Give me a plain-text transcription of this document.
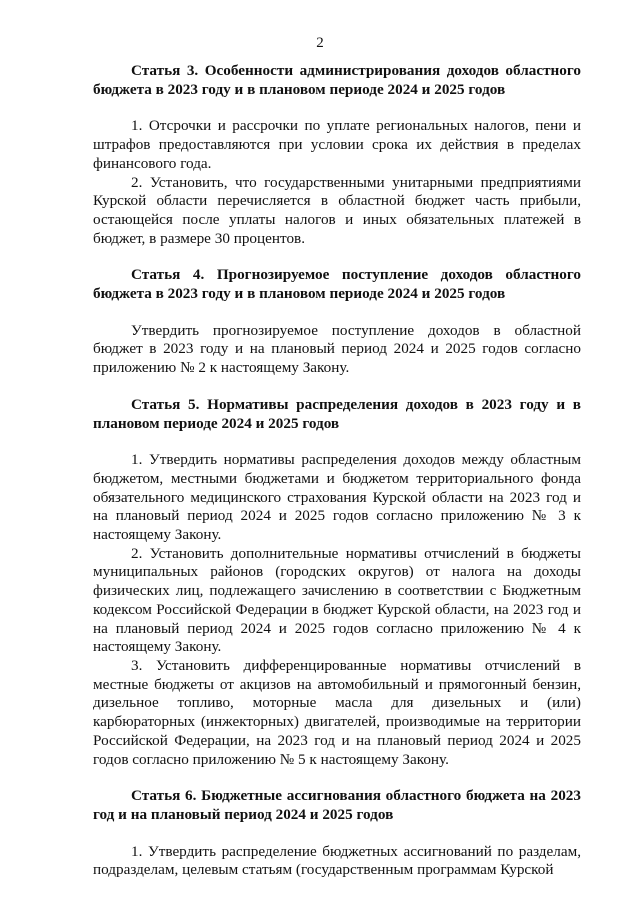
2

Статья 3. Особенности администрирования доходов областного бюджета в 2023 году и в плановом периоде 2024 и 2025 годов

1. Отсрочки и рассрочки по уплате региональных налогов, пени и штрафов предоставляются при условии срока их действия в пределах финансового года.

2. Установить, что государственными унитарными предприятиями Курской области перечисляется в областной бюджет часть прибыли, остающейся после уплаты налогов и иных обязательных платежей в бюджет, в размере 30 процентов.

Статья 4. Прогнозируемое поступление доходов областного бюджета в 2023 году и в плановом периоде 2024 и 2025 годов

Утвердить прогнозируемое поступление доходов в областной бюджет в 2023 году и на плановый период 2024 и 2025 годов согласно приложению № 2 к настоящему Закону.

Статья 5. Нормативы распределения доходов в 2023 году и в плановом периоде 2024 и 2025 годов

1. Утвердить нормативы распределения доходов между областным бюджетом, местными бюджетами и бюджетом территориального фонда обязательного медицинского страхования Курской области на 2023 год и на плановый период 2024 и 2025 годов согласно приложению № 3 к настоящему Закону.

2. Установить дополнительные нормативы отчислений в бюджеты муниципальных районов (городских округов) от налога на доходы физических лиц, подлежащего зачислению в соответствии с Бюджетным кодексом Российской Федерации в бюджет Курской области, на 2023 год и на плановый период 2024 и 2025 годов согласно приложению № 4 к настоящему Закону.

3. Установить дифференцированные нормативы отчислений в местные бюджеты от акцизов на автомобильный и прямогонный бензин, дизельное топливо, моторные масла для дизельных и (или) карбюраторных (инжекторных) двигателей, производимые на территории Российской Федерации, на 2023 год и на плановый период 2024 и 2025 годов согласно приложению № 5 к настоящему Закону.

Статья 6. Бюджетные ассигнования областного бюджета на 2023 год и на плановый период 2024 и 2025 годов

1. Утвердить распределение бюджетных ассигнований по разделам, подразделам, целевым статьям (государственным программам Курской
